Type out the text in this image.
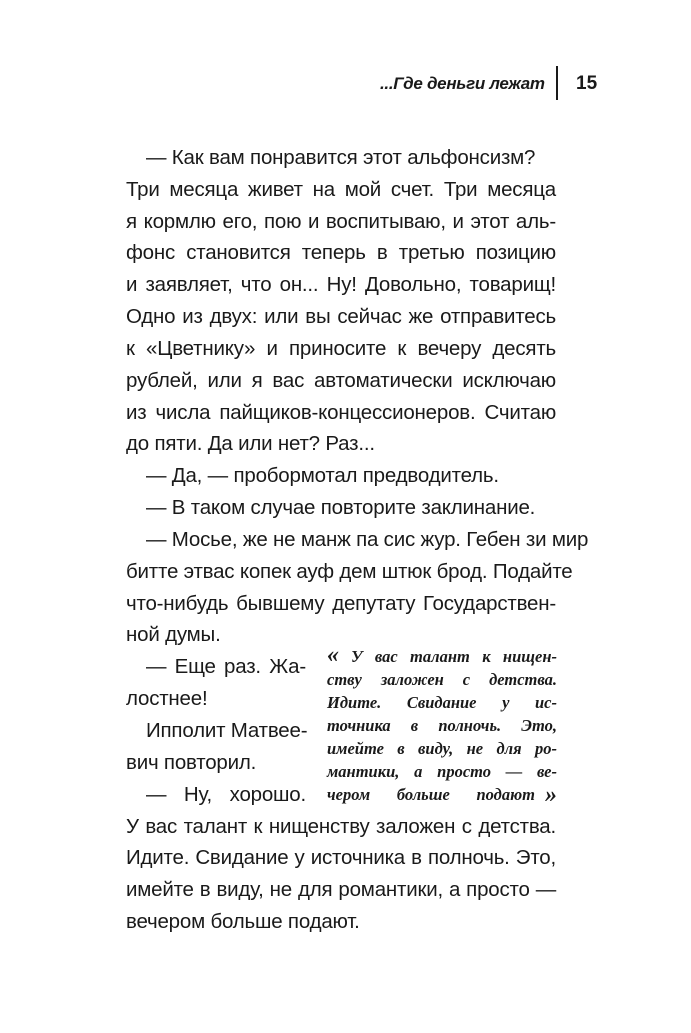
...Где деньги лежат 15
— Как вам понравится этот альфонсизм?
Три месяца живет на мой счет. Три месяца
я кормлю его, пою и воспитываю, и этот аль-
фонс становится теперь в третью позицию
и заявляет, что он... Ну! Довольно, товарищ!
Одно из двух: или вы сейчас же отправитесь
к «Цветнику» и приносите к вечеру десять
рублей, или я вас автоматически исключаю
из числа пайщиков-концессионеров. Считаю
до пяти. Да или нет? Раз...
— Да, — пробормотал предводитель.
— В таком случае повторите заклинание.
— Мосье, же не манж па сис жур. Гебен зи мир
битте этвас копек ауф дем штюк брод. Подайте
что-нибудь бывшему депутату Государствен-
ной думы.
— Еще раз. Жа-
лостнее!
Ипполит Матвее-
вич повторил.
— Ну, хорошо.
У вас талант к нищенству заложен с детства.
Идите. Свидание у источника в полночь. Это,
имейте в виду, не для романтики, а просто —
вечером больше подают.
« У вас талант к нищен-
ству заложен с детства.
Идите. Свидание у ис-
точника в полночь. Это,
имейте в виду, не для ро-
мантики, а просто — ве-
чером больше подают »
